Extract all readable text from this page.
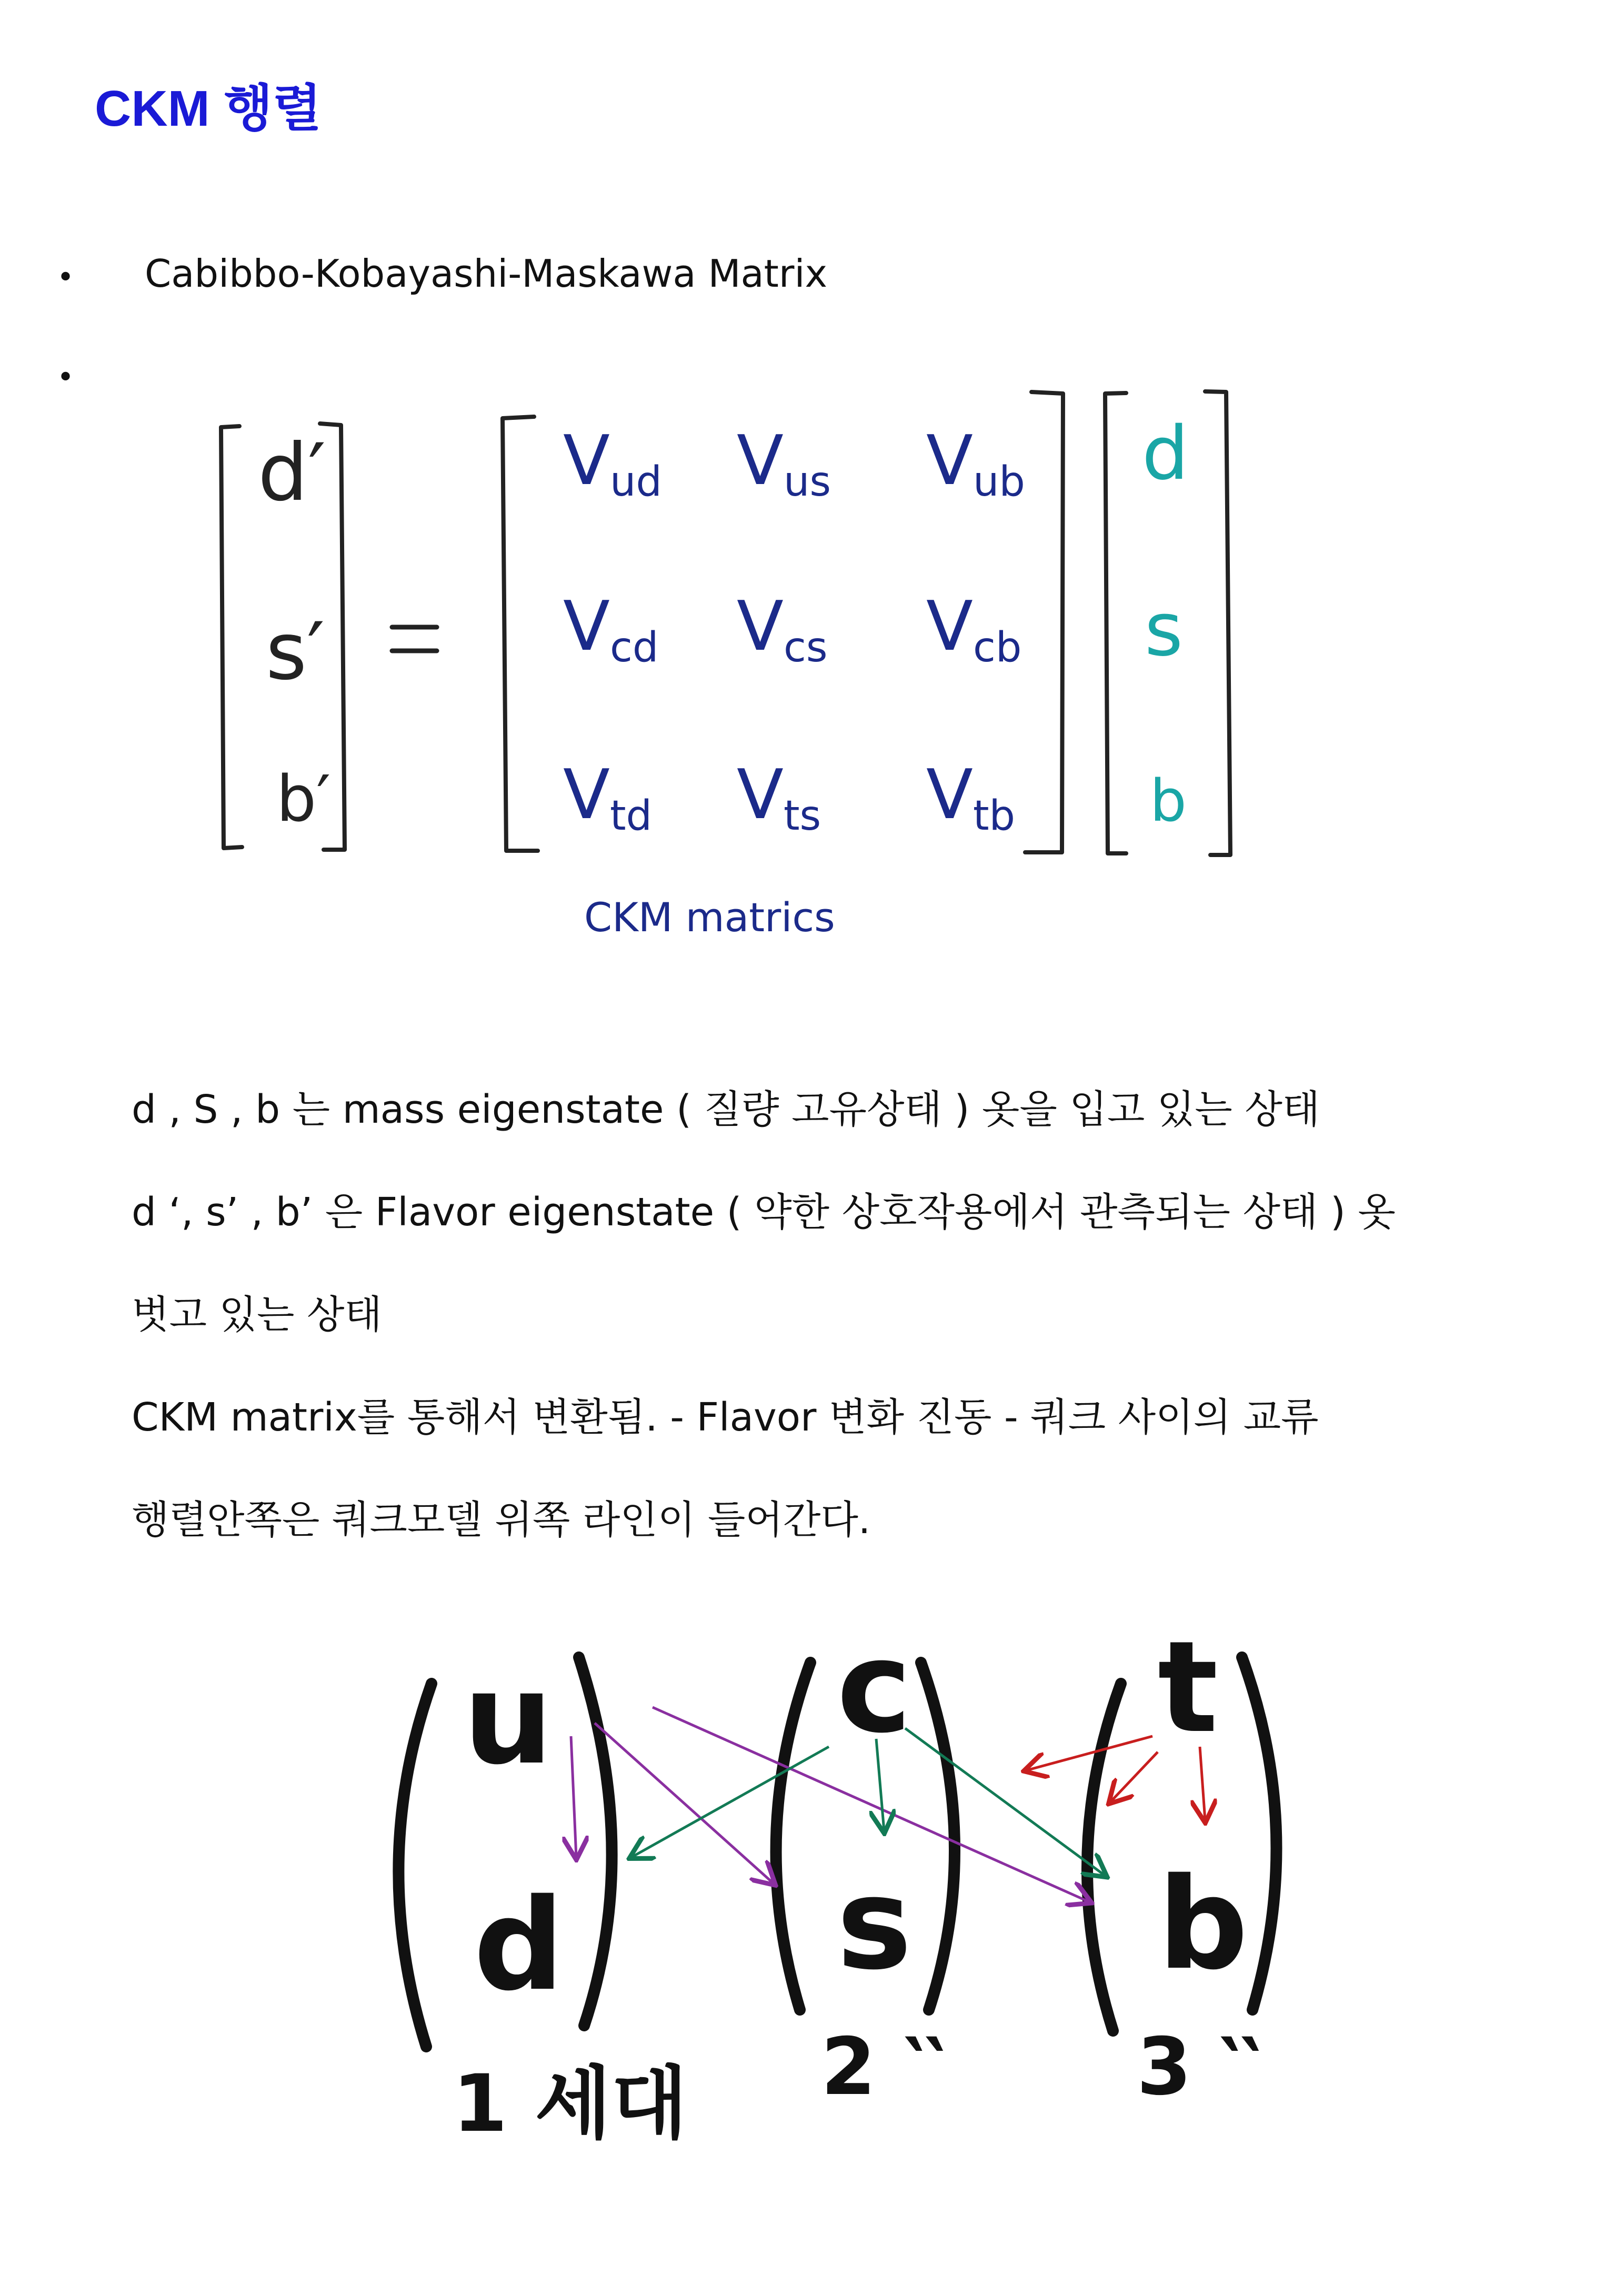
CKM 행렬
• Cabibbo-Kobayashi-Maskawa Matrix
•
d′
s′
b′
Vud Vus Vub
Vcd Vcs Vcb
Vtd Vts Vtb
d
s
b
CKM matrics

d , S , b 는 mass eigenstate ( 질량 고유상태 ) 옷을 입고 있는 상태

d ‘, s’ , b’ 은 Flavor eigenstate ( 약한 상호작용에서 관측되는 상태 ) 옷

벗고 있는 상태

CKM matrix를 통해서 변환됨. - Flavor 변화 진동 - 쿼크 사이의 교류

행렬안쪽은 쿼크모델 위쪽 라인이 들어간다.

u
d
c
s
t
b
1 세대 2 ‵‵ 3 ‵‵
